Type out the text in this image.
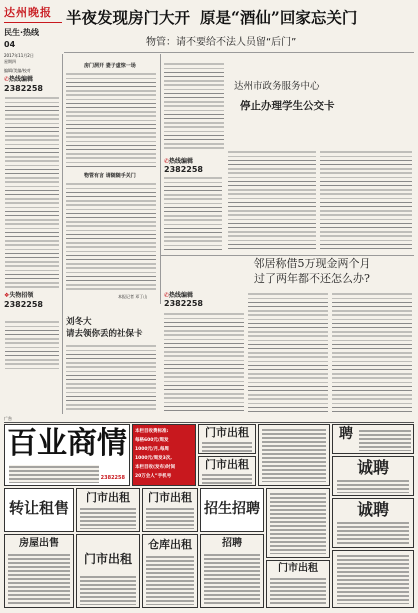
达州晚报
民生·热线
04
2017年11月2日
星期四
编辑/美编/校对
半夜发现房门大开 原是“酒仙”回家忘关门
物管：请不要给不法人员留“后门”
✆热线编辑
2382258
❖失物招领
2382258
刘冬大
请去领你丢的社保卡
房门洞开 妻子虚惊一场
物管有言 请随随手关门
本报记者 邓丁山
达州市政务服务中心
停止办理学生公交卡
✆热线编辑
2382258
邻居称借5万现金两个月
过了两年都不还怎么办?
✆热线编辑
2382258
广告
百业商情
2382258
本栏目收费标准:
每格600元/周发
1000元/月,每周
1000元/周发3次,
本栏目收(发布)时间
20万会人”手机号
门市出租
门市出租
聘
诚聘
转让租售
门市出租	门市出租
招生招聘	诚聘
房屋出售
门市出租
仓库出租	招聘
门市出租
